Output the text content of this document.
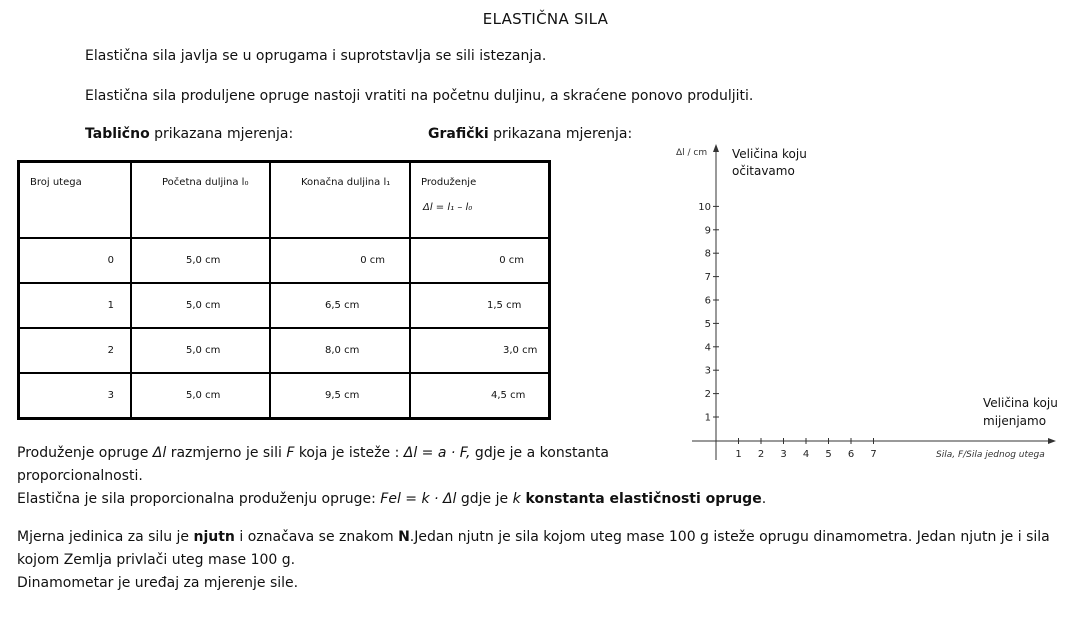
ELASTIČNA SILA
Elastična sila javlja se u oprugama i suprotstavlja se sili istezanja.
Elastična sila produljene opruge nastoji vratiti na početnu duljinu, a skraćene ponovo produljiti.
Tablično prikazana mjerenja:	Grafički prikazana mjerenja:
Broj utega	Početna duljina l₀	Konačna duljina l₁	Produženje
Δl = l₁ – l₀

0	5,0 cm	0 cm	0 cm

1	5,0 cm	6,5 cm	1,5 cm

2	5,0 cm	8,0 cm	3,0 cm

3	5,0 cm	9,5 cm	4,5 cm
Δl / cm Veličina koju
očitavamo
Veličina koju
mijenjamo
Sila, F/Sila jednog utega
1 2 3 4 5 6 7
1
2
3
4
5
6
7
8
9
10
Produženje opruge Δl razmjerno je sili F koja je isteže : Δl = a · F, gdje je a konstanta
proporcionalnosti.
Elastična je sila proporcionalna produženju opruge: Fel = k · Δl gdje je k konstanta elastičnosti opruge.
Mjerna jedinica za silu je njutn i označava se znakom N.Jedan njutn je sila kojom uteg mase 100 g isteže oprugu dinamometra. Jedan njutn je i sila
kojom Zemlja privlači uteg mase 100 g.
Dinamometar je uređaj za mjerenje sile.
